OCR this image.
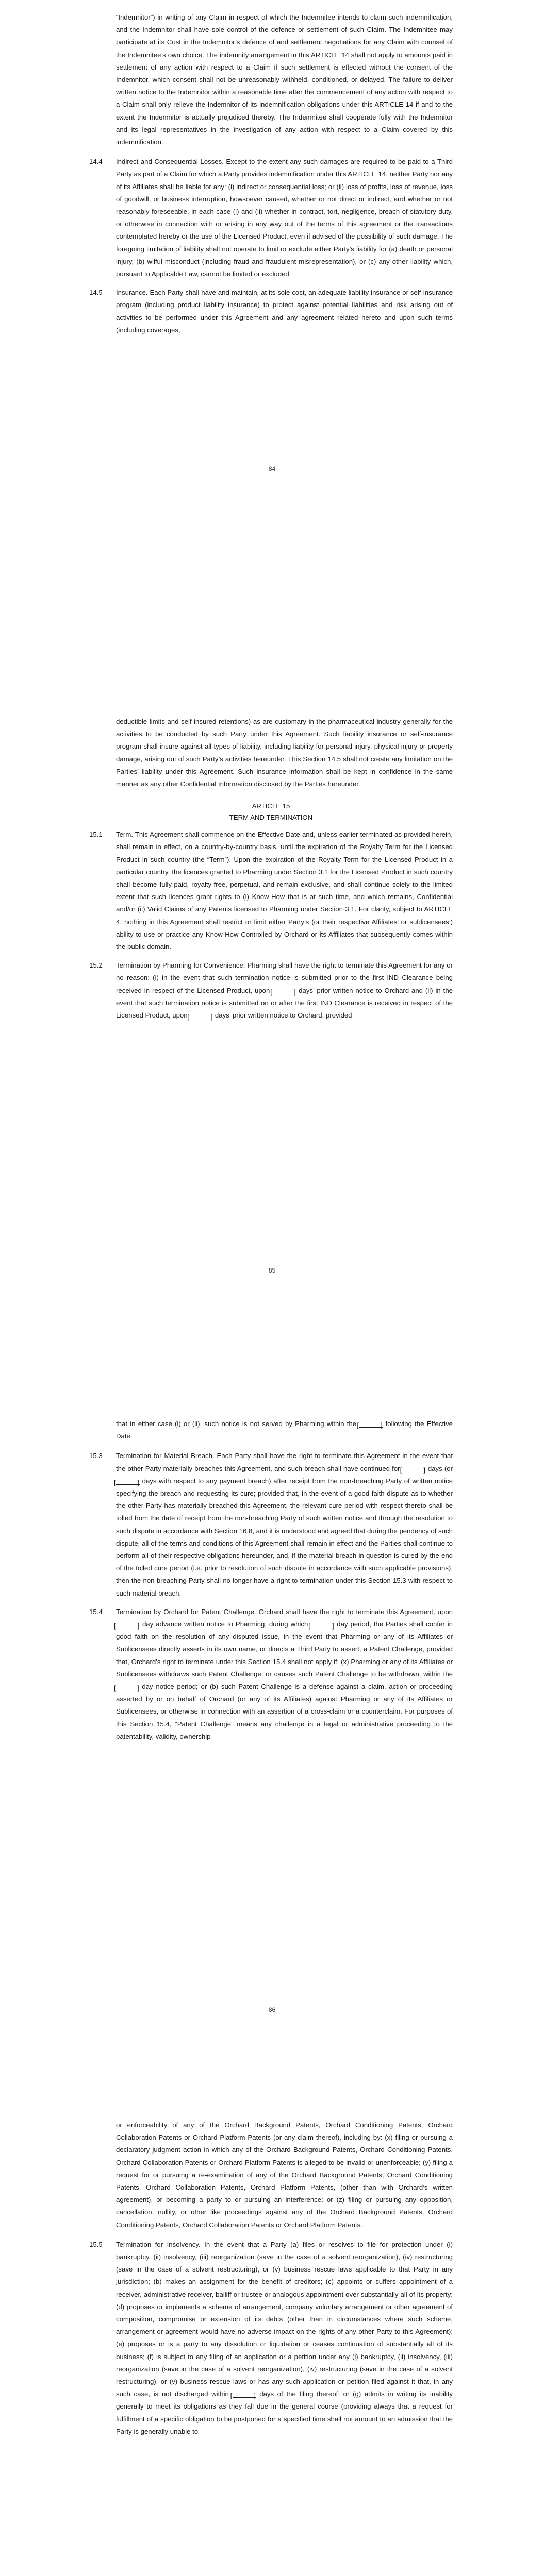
“Indemnitor”) in writing of any Claim in respect of which the Indemnitee intends to claim such indemnification, and the Indemnitor shall have sole control of the defence or settlement of such Claim. The Indemnitee may participate at its Cost in the Indemnitor’s defence of and settlement negotiations for any Claim with counsel of the Indemnitee’s own choice. The indemnity arrangement in this ARTICLE 14 shall not apply to amounts paid in settlement of any action with respect to a Claim if such settlement is effected without the consent of the Indemnitor, which consent shall not be unreasonably withheld, conditioned, or delayed. The failure to deliver written notice to the Indemnitor within a reasonable time after the commencement of any action with respect to a Claim shall only relieve the Indemnitor of its indemnification obligations under this ARTICLE 14 if and to the extent the Indemnitor is actually prejudiced thereby. The Indemnitee shall cooperate fully with the Indemnitor and its legal representatives in the investigation of any action with respect to a Claim covered by this indemnification.

14.4	Indirect and Consequential Losses. Except to the extent any such damages are required to be paid to a Third Party as part of a Claim for which a Party provides indemnification under this ARTICLE 14, neither Party nor any of its Affiliates shall be liable for any: (i) indirect or consequential loss; or (ii) loss of profits, loss of revenue, loss of goodwill, or business interruption, howsoever caused, whether or not direct or indirect, and whether or not reasonably foreseeable, in each case (i) and (ii) whether in contract, tort, negligence, breach of statutory duty, or otherwise in connection with or arising in any way out of the terms of this agreement or the transactions contemplated hereby or the use of the Licensed Product, even if advised of the possibility of such damage. The foregoing limitation of liability shall not operate to limit or exclude either Party’s liability for (a) death or personal injury, (b) wilful misconduct (including fraud and fraudulent misrepresentation), or (c) any other liability which, pursuant to Applicable Law, cannot be limited or excluded.

14.5	Insurance. Each Party shall have and maintain, at its sole cost, an adequate liability insurance or self-insurance program (including product liability insurance) to protect against potential liabilities and risk arising out of activities to be performed under this Agreement and any agreement related hereto and upon such terms (including coverages,

84

deductible limits and self-insured retentions) as are customary in the pharmaceutical industry generally for the activities to be conducted by such Party under this Agreement. Such liability insurance or self-insurance program shall insure against all types of liability, including liability for personal injury, physical injury or property damage, arising out of such Party’s activities hereunder. This Section 14.5 shall not create any limitation on the Parties’ liability under this Agreement. Such insurance information shall be kept in confidence in the same manner as any other Confidential Information disclosed by the Parties hereunder.

ARTICLE 15
TERM AND TERMINATION
15.1	Term. This Agreement shall commence on the Effective Date and, unless earlier terminated as provided herein, shall remain in effect, on a country-by-country basis, until the expiration of the Royalty Term for the Licensed Product in such country (the “Term”). Upon the expiration of the Royalty Term for the Licensed Product in a particular country, the licences granted to Pharming under Section 3.1 for the Licensed Product in such country shall become fully-paid, royalty-free, perpetual, and remain exclusive, and shall continue solely to the limited extent that such licences grant rights to (i) Know-How that is at such time, and which remains, Confidential and/or (ii) Valid Claims of any Patents licensed to Pharming under Section 3.1. For clarity, subject to ARTICLE 4, nothing in this Agreement shall restrict or limit either Party’s (or their respective Affiliates’ or sublicensees’) ability to use or practice any Know-How Controlled by Orchard or its Affiliates that subsequently comes within the public domain.

15.2	Termination by Pharming for Convenience. Pharming shall have the right to terminate this Agreement for any or no reason: (i) in the event that such termination notice is submitted prior to the first IND Clearance being received in respect of the Licensed Product, upon [ ]	days’ prior written notice to Orchard and (ii) in the event that such termination notice is submitted on or after the first IND Clearance is received in respect of the Licensed Product, upon [ ]	days’ prior written notice to Orchard, provided

85

that in either case (i) or (ii), such notice is not served by Pharming within the [ ]	following the Effective Date.

15.3	Termination for Material Breach. Each Party shall have the right to terminate this Agreement in the event that the other Party materially breaches this Agreement, and such breach shall have continued for [ ]	days (or [ ] days with respect to any payment breach) after receipt from the non-breaching Party of written notice specifying the breach and requesting its cure; provided that, in the event of a good faith dispute as to whether the other Party has materially breached this Agreement, the relevant cure period with respect thereto shall be tolled from the date of receipt from the non-breaching Party of such written notice and through the resolution to such dispute in accordance with Section 16.8, and it is understood and agreed that during the pendency of such dispute, all of the terms and conditions of this Agreement shall remain in effect and the Parties shall continue to perform all of their respective obligations hereunder, and, if the material breach in question is cured by the end of the tolled cure period (i.e. prior to resolution of such dispute in accordance with such applicable provisions), then the non-breaching Party shall no longer have a right to termination under this Section 15.3 with respect to such material breach.

15.4	Termination by Orchard for Patent Challenge. Orchard shall have the right to terminate this Agreement, upon [ ] day advance written notice to Pharming, during which [ ]	day period, the Parties shall confer in good faith on the resolution of any disputed issue, in the event that Pharming or any of its Affiliates or Sublicensees directly asserts in its own name, or directs a Third Party to assert, a Patent Challenge, provided that, Orchard’s right to terminate under this Section 15.4 shall not apply if: (x) Pharming or any of its Affiliates or Sublicensees withdraws such Patent Challenge, or causes such Patent Challenge to be withdrawn, within the [ ]-day notice period; or (b) such Patent Challenge is a defense against a claim, action or proceeding asserted by or on behalf of Orchard (or any of its Affiliates) against Pharming or any of its Affiliates or Sublicensees, or otherwise in connection with an assertion of a cross-claim or a counterclaim. For purposes of this Section 15.4, “Patent Challenge” means any challenge in a legal or administrative proceeding to the patentability, validity, ownership

86

or enforceability of any of the Orchard Background Patents, Orchard Conditioning Patents, Orchard Collaboration Patents or Orchard Platform Patents (or any claim thereof), including by: (x) filing or pursuing a declaratory judgment action in which any of the Orchard Background Patents, Orchard Conditioning Patents, Orchard Collaboration Patents or Orchard Platform Patents is alleged to be invalid or unenforceable; (y) filing a request for or pursuing a re-examination of any of the Orchard Background Patents, Orchard Conditioning Patents, Orchard Collaboration Patents, Orchard Platform Patents, (other than with Orchard’s written agreement), or becoming a party to or pursuing an interference; or (z) filing or pursuing any opposition, cancellation, nullity, or other like proceedings against any of the Orchard Background Patents, Orchard Conditioning Patents, Orchard Collaboration Patents or Orchard Platform Patents.

15.5	Termination for Insolvency. In the event that a Party (a) files or resolves to file for protection under (i) bankruptcy, (ii) insolvency, (iii) reorganization (save in the case of a solvent reorganization), (iv) restructuring (save in the case of a solvent restructuring), or (v) business rescue laws applicable to that Party in any jurisdiction; (b) makes an assignment for the benefit of creditors; (c) appoints or suffers appointment of a receiver, administrative receiver, bailiff or trustee or analogous appointment over substantially all of its property; (d) proposes or implements a scheme of arrangement, company voluntary arrangement or other agreement of composition, compromise or extension of its debts (other than in circumstances where such scheme, arrangement or agreement would have no adverse impact on the rights of any other Party to this Agreement); (e) proposes or is a party to any dissolution or liquidation or ceases continuation of substantially all of its business; (f) is subject to any filing of an application or a petition under any (i) bankruptcy, (ii) insolvency, (iii) reorganization (save in the case of a solvent reorganization), (iv) restructuring (save in the case of a solvent restructuring), or (v) business rescue laws or has any such application or petition filed against it that, in any such case, is not discharged within [ ]	days of the filing thereof; or (g) admits in writing its inability generally to meet its obligations as they fall due in the general course (providing always that a request for fulfillment of a specific obligation to be postponed for a specified time shall not amount to an admission that the Party is generally unable to
